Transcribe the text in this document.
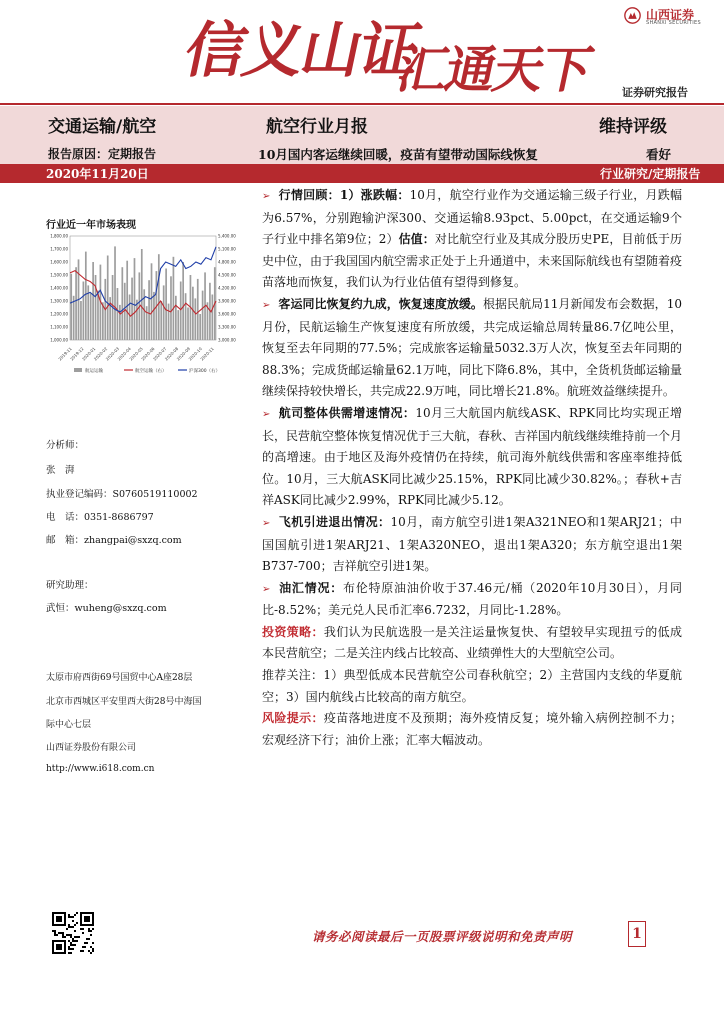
信义山证
汇通天下
山西证券
SHANXI SECURITIES
证券研究报告
交通运输/航空	航空行业月报	维持评级
报告原因：定期报告	10月国内客运继续回暖，疫苗有望带动国际线恢复	看好
2020年11月20日	行业研究/定期报告
行业近一年市场表现
1,000.00
1,100.00
1,200.00
1,300.00
1,400.00
1,500.00
1,600.00
1,700.00
1,800.00
3,000.00
3,300.00
3,600.00
3,900.00
4,200.00
4,500.00
4,800.00
5,100.00
5,400.00
2019-11
2019-12
2020-01
2020-02
2020-03
2020-04
2020-05
2020-06
2020-07
2020-08
2020-09
2020-10
2020-11
航运运输	航空运输（右）	沪深300（右）
分析师：
张　湃
执业登记编码：S0760519110002
电　话：0351-8686797
邮　箱：zhangpai@sxzq.com
研究助理：
武恒：wuheng@sxzq.com
太原市府西街69号国贸中心A座28层
北京市西城区平安里西大街28号中海国
际中心七层
山西证券股份有限公司
http://www.i618.com.cn

➢ 行情回顾：1）涨跌幅：10月，航空行业作为交通运输三级子行业，月跌幅为6.57%，分别跑输沪深300、交通运输8.93pct、5.00pct，在交通运输9个子行业中排名第9位；2）估值：对比航空行业及其成分股历史PE，目前低于历史中位，由于我国国内航空需求正处于上升通道中，未来国际航线也有望随着疫苗落地而恢复，我们认为行业估值有望得到修复。

➢ 客运同比恢复约九成，恢复速度放缓。根据民航局11月新闻发布会数据，10月份，民航运输生产恢复速度有所放缓，共完成运输总周转量86.7亿吨公里，恢复至去年同期的77.5%；完成旅客运输量5032.3万人次，恢复至去年同期的88.3%；完成货邮运输量62.1万吨，同比下降6.8%，其中，全货机货邮运输量继续保持较快增长，共完成22.9万吨，同比增长21.8%。航班效益继续提升。

➢ 航司整体供需增速情况：10月三大航国内航线ASK、RPK同比均实现正增长，民营航空整体恢复情况优于三大航，春秋、吉祥国内航线继续维持前一个月的高增速。由于地区及海外疫情仍在持续，航司海外航线供需和客座率维持低位。10月，三大航ASK同比减少25.15%，RPK同比减少30.82%。；春秋+吉祥ASK同比减少2.99%，RPK同比减少5.12。

➢ 飞机引进退出情况：10月，南方航空引进1架A321NEO和1架ARJ21；中国国航引进1架ARJ21、1架A320NEO，退出1架A320；东方航空退出1架B737-700；吉祥航空引进1架。

➢ 油汇情况：布伦特原油油价收于37.46元/桶（2020年10月30日），月同比-8.52%；美元兑人民币汇率6.7232，月同比-1.28%。

投资策略：我们认为民航选股一是关注运量恢复快、有望较早实现扭亏的低成本民营航空；二是关注内线占比较高、业绩弹性大的大型航空公司。

推荐关注：1）典型低成本民营航空公司春秋航空；2）主营国内支线的华夏航空；3）国内航线占比较高的南方航空。

风险提示：疫苗落地进度不及预期；海外疫情反复；境外输入病例控制不力；宏观经济下行；油价上涨；汇率大幅波动。

请务必阅读最后一页股票评级说明和免责声明	1
